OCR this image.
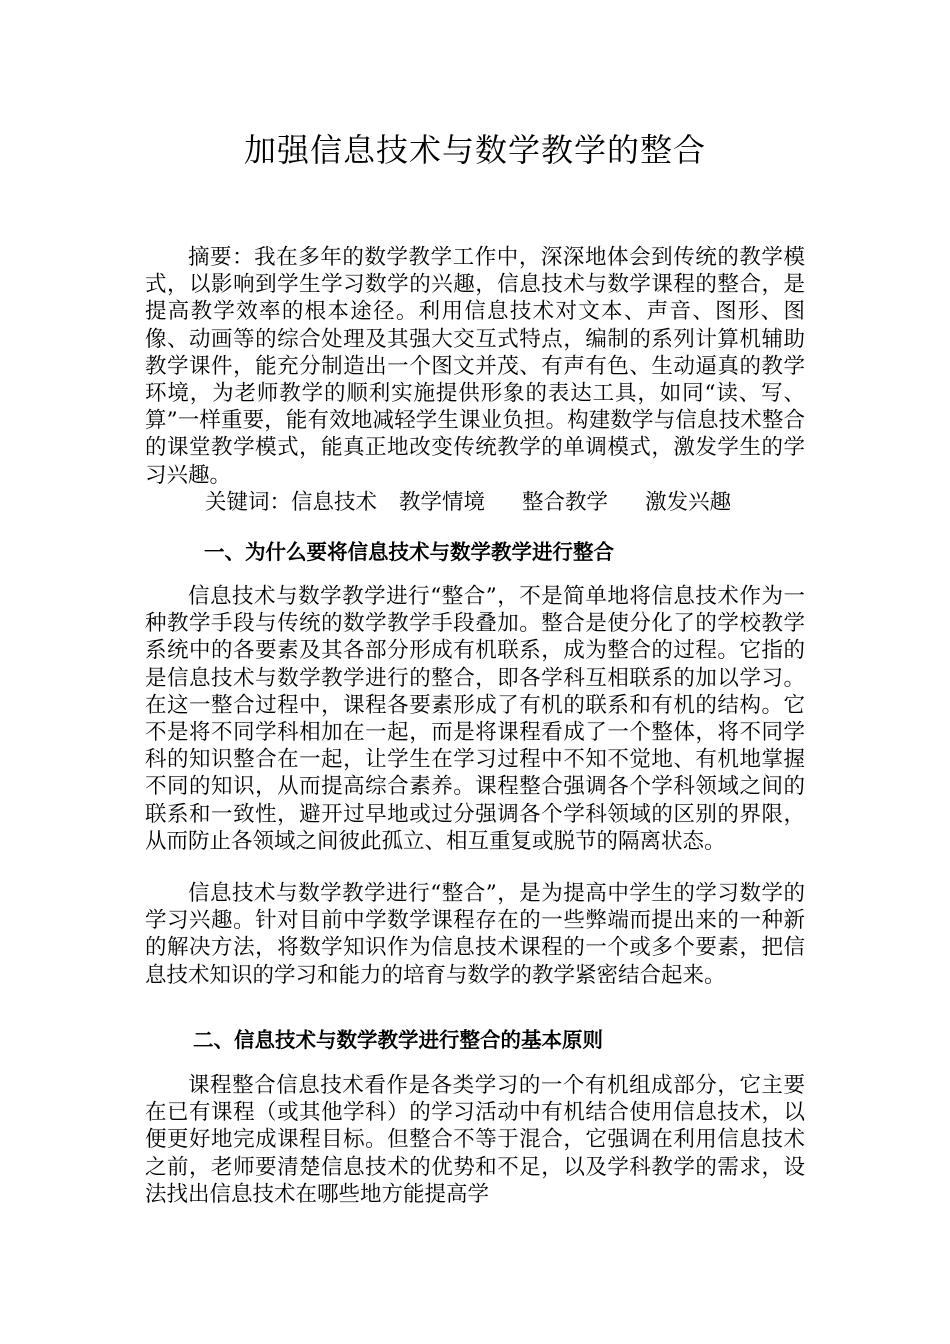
加强信息技术与数学教学的整合

摘要：我在多年的数学教学工作中，深深地体会到传统的教学模式，以影响到学生学习数学的兴趣，信息技术与数学课程的整合，是提高教学效率的根本途径。利用信息技术对文本、声音、图形、图像、动画等的综合处理及其强大交互式特点，编制的系列计算机辅助教学课件，能充分制造出一个图文并茂、有声有色、生动逼真的教学环境，为老师教学的顺利实施提供形象的表达工具，如同“读、写、算”一样重要，能有效地减轻学生课业负担。构建数学与信息技术整合的课堂教学模式，能真正地改变传统教学的单调模式，激发学生的学习兴趣。

关键词：信息技术 教学情境 整合教学 激发兴趣

一、为什么要将信息技术与数学教学进行整合

信息技术与数学教学进行“整合”，不是简单地将信息技术作为一种教学手段与传统的数学教学手段叠加。整合是使分化了的学校教学系统中的各要素及其各部分形成有机联系，成为整合的过程。它指的是信息技术与数学教学进行的整合，即各学科互相联系的加以学习。在这一整合过程中，课程各要素形成了有机的联系和有机的结构。它不是将不同学科相加在一起，而是将课程看成了一个整体，将不同学科的知识整合在一起，让学生在学习过程中不知不觉地、有机地掌握不同的知识，从而提高综合素养。课程整合强调各个学科领域之间的联系和一致性，避开过早地或过分强调各个学科领域的区别的界限，从而防止各领域之间彼此孤立、相互重复或脱节的隔离状态。

信息技术与数学教学进行“整合”，是为提高中学生的学习数学的学习兴趣。针对目前中学数学课程存在的一些弊端而提出来的一种新的解决方法，将数学知识作为信息技术课程的一个或多个要素，把信息技术知识的学习和能力的培育与数学的教学紧密结合起来。

二、信息技术与数学教学进行整合的基本原则

课程整合信息技术看作是各类学习的一个有机组成部分，它主要在已有课程（或其他学科）的学习活动中有机结合使用信息技术，以便更好地完成课程目标。但整合不等于混合，它强调在利用信息技术之前，老师要清楚信息技术的优势和不足，以及学科教学的需求，设法找出信息技术在哪些地方能提高学
